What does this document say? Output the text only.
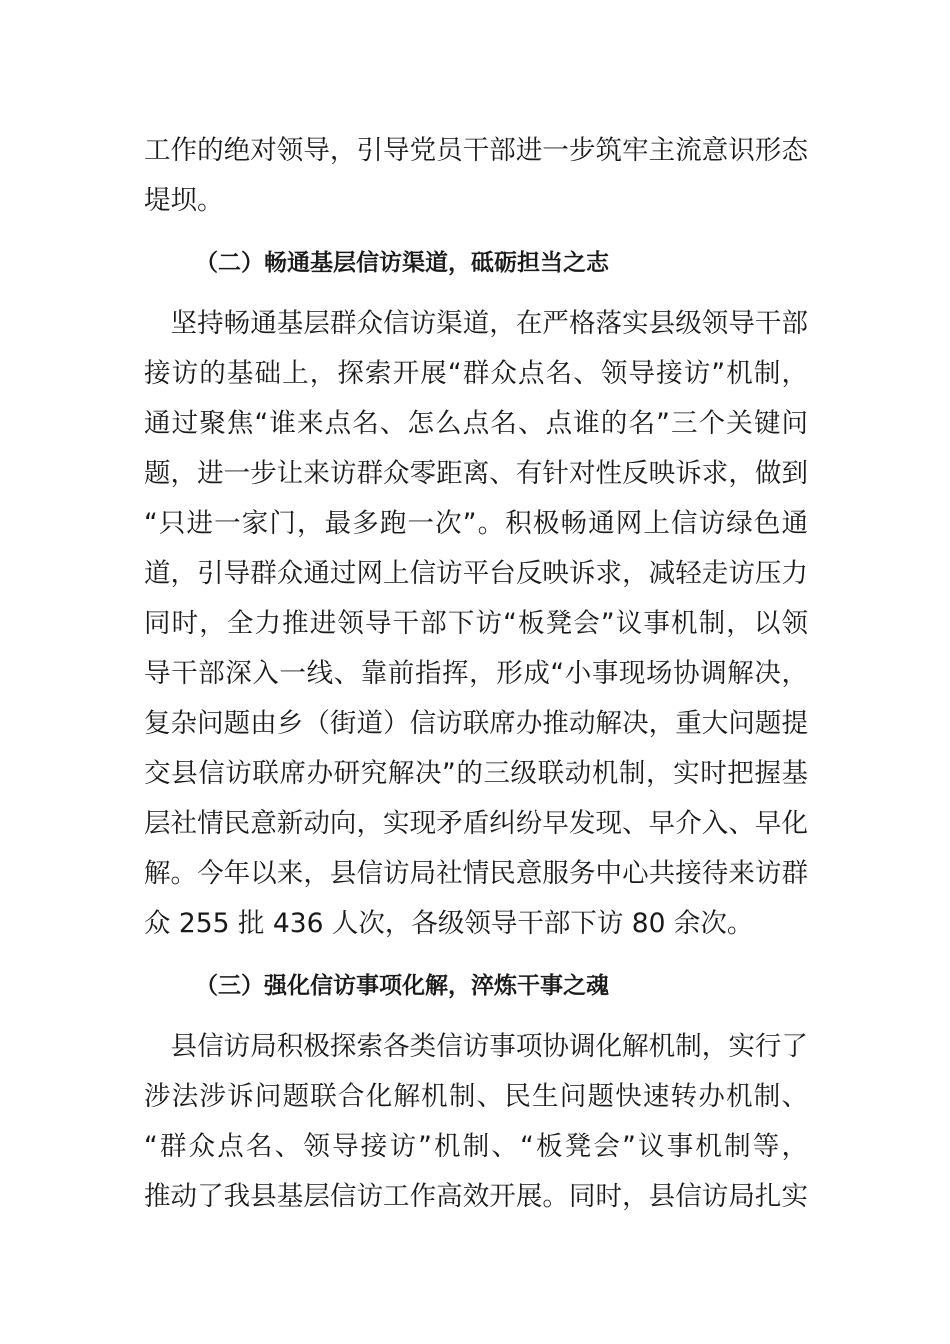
工作的绝对领导，引导党员干部进一步筑牢主流意识形态
堤坝。
（二）畅通基层信访渠道，砥砺担当之志
　坚持畅通基层群众信访渠道，在严格落实县级领导干部
接访的基础上，探索开展“群众点名、领导接访”机制，
通过聚焦“谁来点名、怎么点名、点谁的名”三个关键问
题，进一步让来访群众零距离、有针对性反映诉求，做到
“只进一家门，最多跑一次”。积极畅通网上信访绿色通
道，引导群众通过网上信访平台反映诉求，减轻走访压力
同时，全力推进领导干部下访“板凳会”议事机制，以领
导干部深入一线、靠前指挥，形成“小事现场协调解决，
复杂问题由乡（街道）信访联席办推动解决，重大问题提
交县信访联席办研究解决”的三级联动机制，实时把握基
层社情民意新动向，实现矛盾纠纷早发现、早介入、早化
解。今年以来，县信访局社情民意服务中心共接待来访群
众 255 批 436 人次，各级领导干部下访 80 余次。
（三）强化信访事项化解，淬炼干事之魂
　县信访局积极探索各类信访事项协调化解机制，实行了
涉法涉诉问题联合化解机制、民生问题快速转办机制、
“群众点名、领导接访”机制、“板凳会”议事机制等，
推动了我县基层信访工作高效开展。同时，县信访局扎实
